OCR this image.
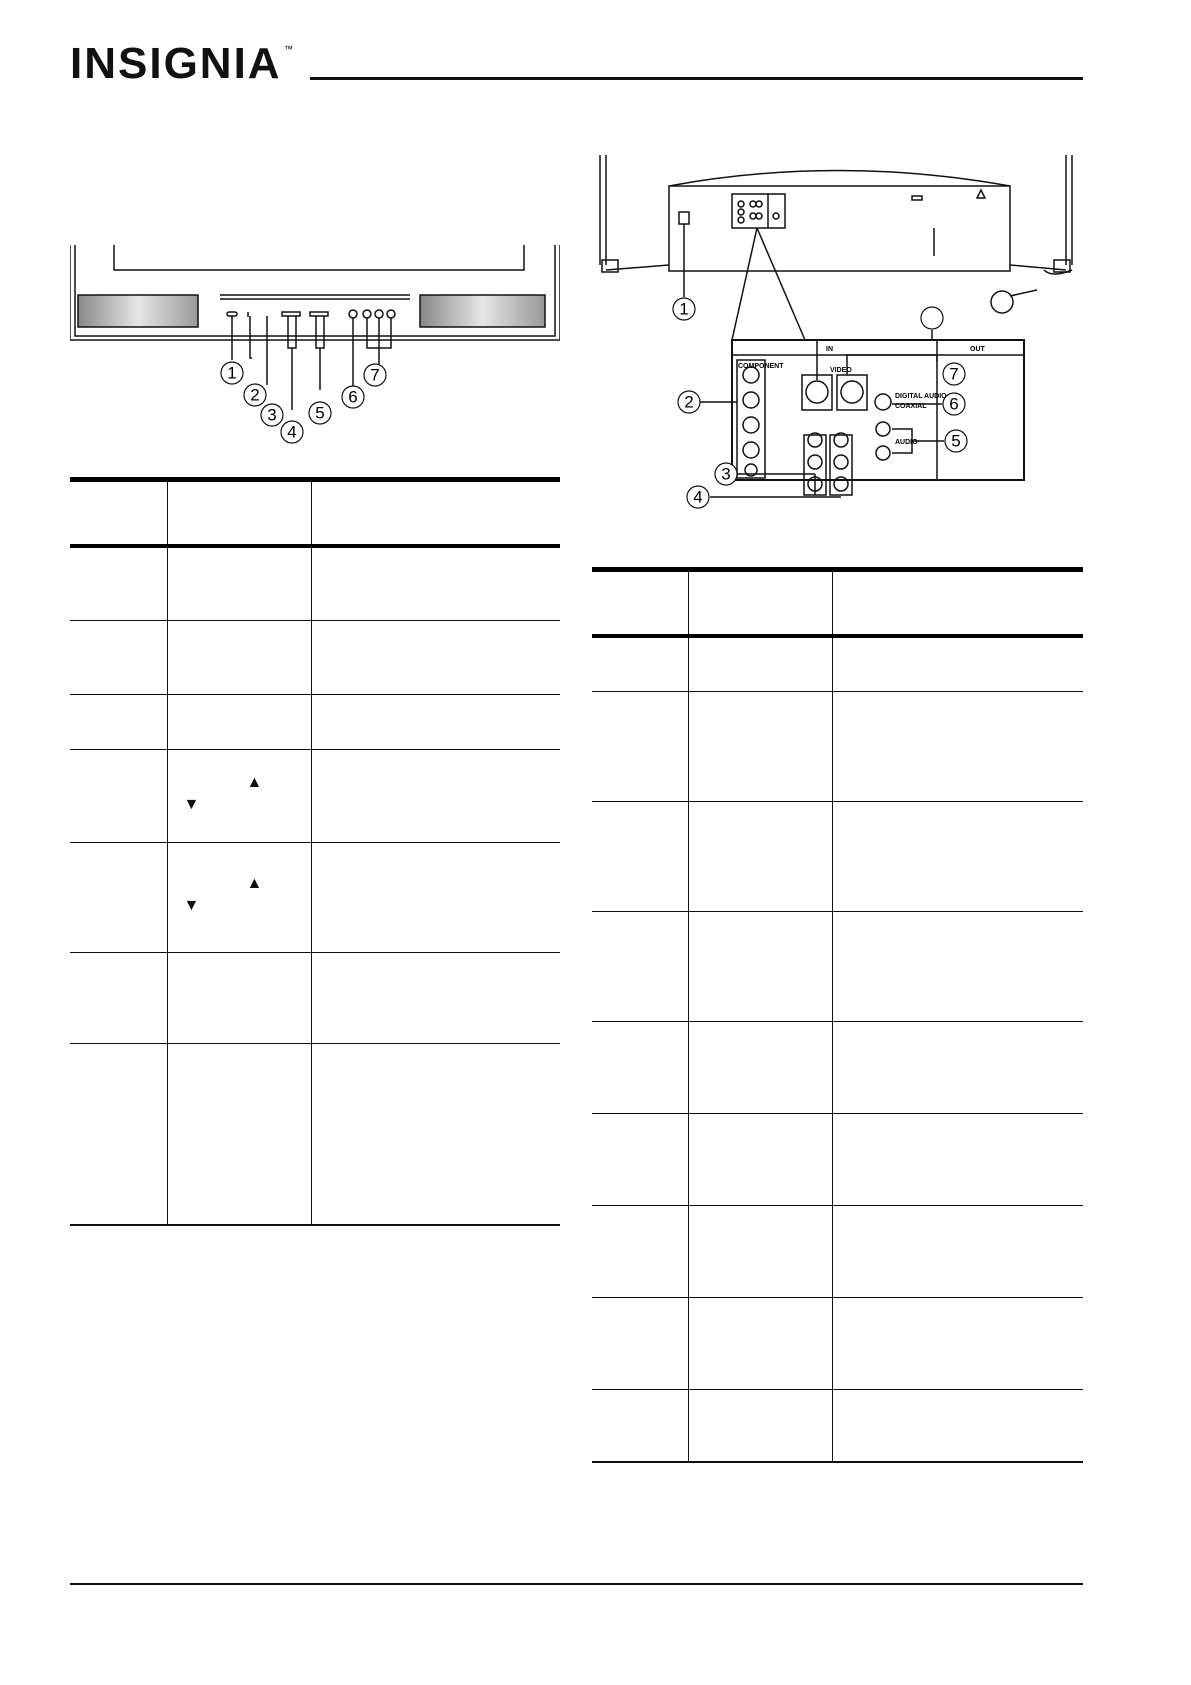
INSIGNIA ™
1
2
3
4
5
6
7

	▲
▼	

	▲
▼	

1
2
3
4
5
6
7
IN	OUT
COMPONENT
VIDEO
DIGITAL AUDIO
COAXIAL
AUDIO
